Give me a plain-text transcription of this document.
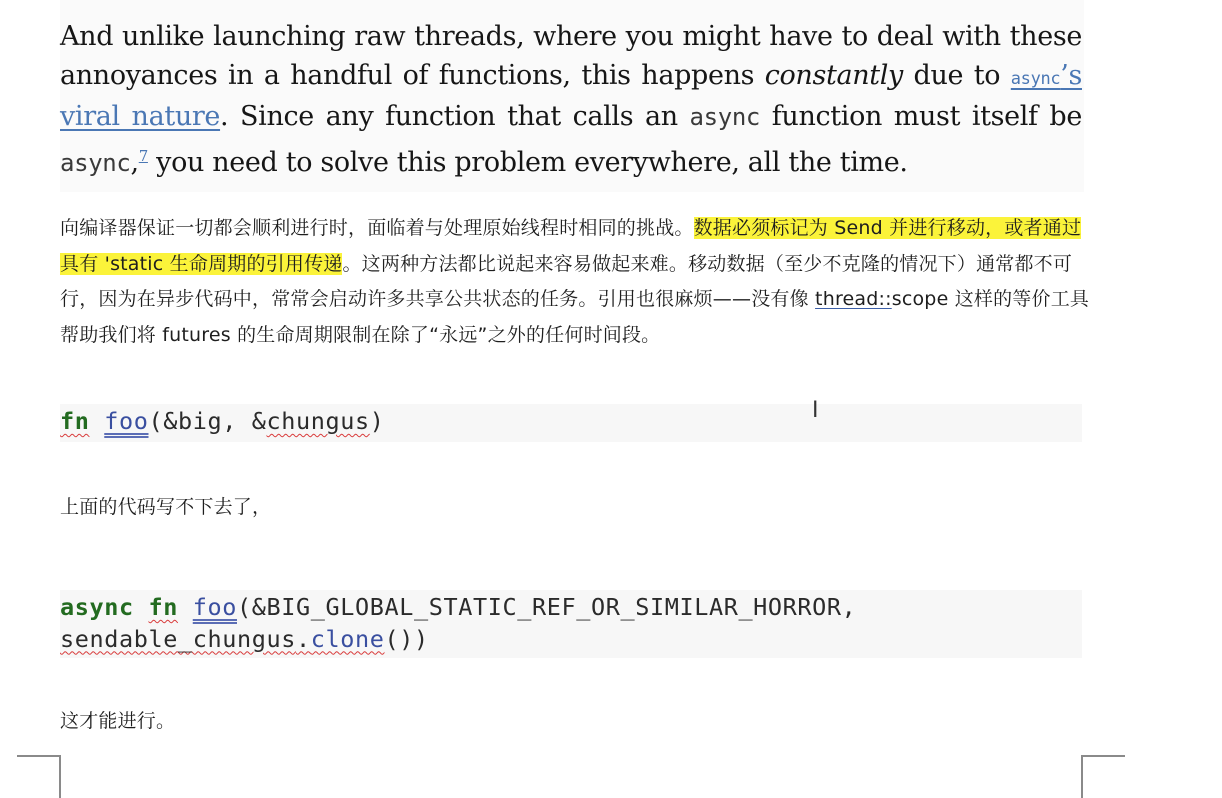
And unlike launching raw threads, where you might have to deal with these annoyances in a handful of functions, this happens constantly due to async’s viral nature. Since any function that calls an async function must itself be async,$^7$ you need to solve this problem everywhere, all the time.

向编译器保证一切都会顺利进行时，面临着与处理原始线程时相同的挑战。数据必须标记为 Send 并进行移动，或者通过具有 'static 生命周期的引用传递。这两种方法都比说起来容易做起来难。移动数据（至少不克隆的情况下）通常都不可行，因为在异步代码中，常常会启动许多共享公共状态的任务。引用也很麻烦——没有像 thread::scope 这样的等价工具帮助我们将 futures 的生命周期限制在除了“永远”之外的任何时间段。

fn foo(&big, &chungus)	I

上面的代码写不下去了，

async fn foo(&BIG_GLOBAL_STATIC_REF_OR_SIMILAR_HORROR,
sendable_chungus.clone())

这才能进行。
